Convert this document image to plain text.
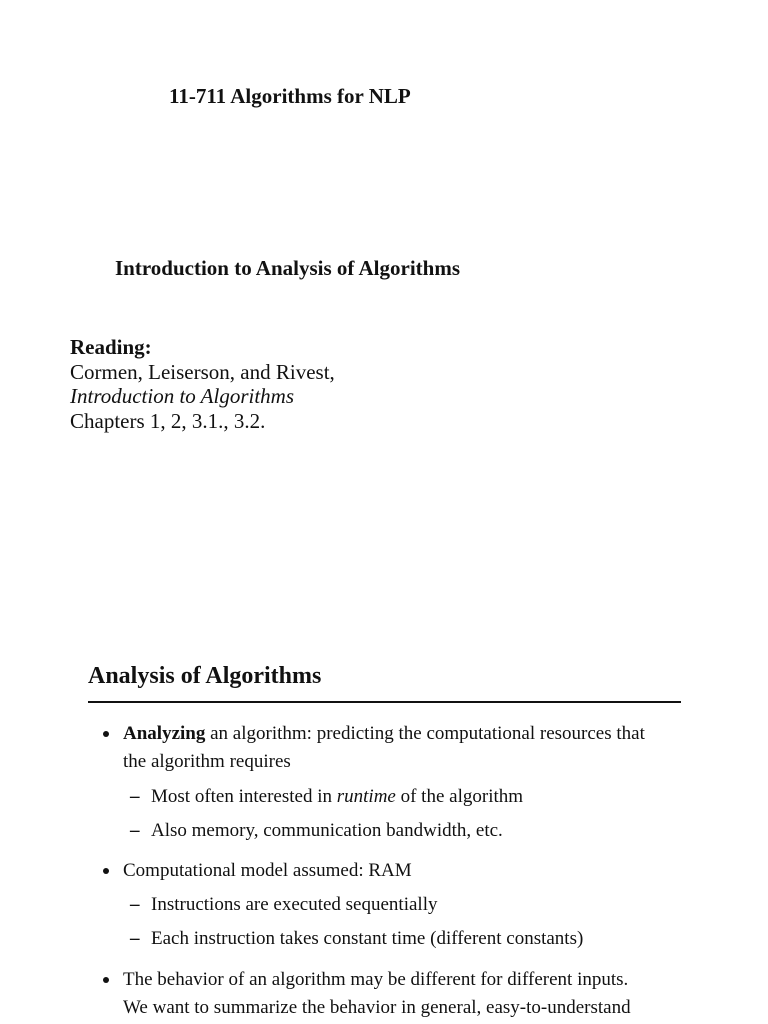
11-711 Algorithms for NLP
Introduction to Analysis of Algorithms
Reading:
Cormen, Leiserson, and Rivest,
Introduction to Algorithms
Chapters 1, 2, 3.1., 3.2.
Analysis of Algorithms
Analyzing an algorithm: predicting the computational resources that
the algorithm requires
– Most often interested in runtime of the algorithm
– Also memory, communication bandwidth, etc.
Computational model assumed: RAM
– Instructions are executed sequentially
– Each instruction takes constant time (different constants)
The behavior of an algorithm may be different for different inputs.
We want to summarize the behavior in general, easy-to-understand
